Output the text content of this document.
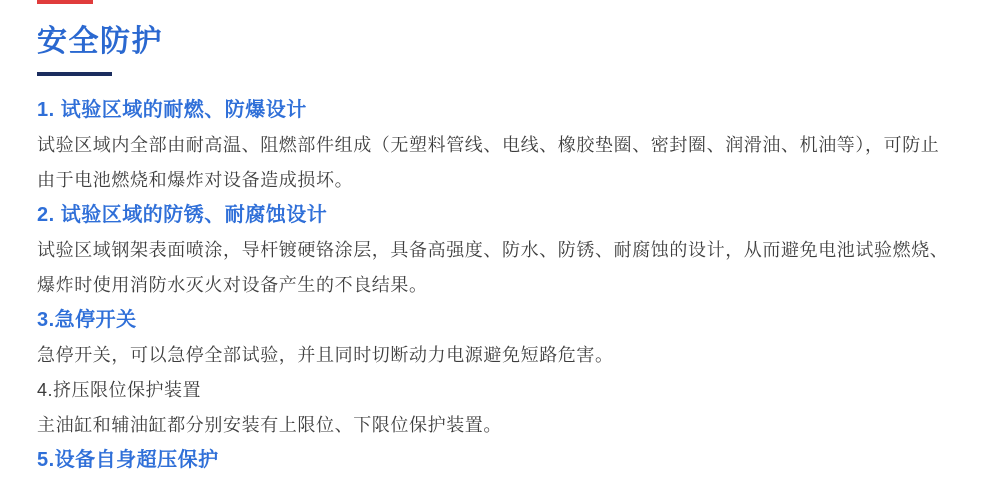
安全防护
1. 试验区域的耐燃、防爆设计
试验区域内全部由耐高温、阻燃部件组成（无塑料管线、电线、橡胶垫圈、密封圈、润滑油、机油等），可防止
由于电池燃烧和爆炸对设备造成损坏。
2. 试验区域的防锈、耐腐蚀设计
试验区域钢架表面喷涂，导杆镀硬铬涂层，具备高强度、防水、防锈、耐腐蚀的设计，从而避免电池试验燃烧、
爆炸时使用消防水灭火对设备产生的不良结果。
3.急停开关
急停开关，可以急停全部试验，并且同时切断动力电源避免短路危害。
4.挤压限位保护装置
主油缸和辅油缸都分别安装有上限位、下限位保护装置。
5.设备自身超压保护
